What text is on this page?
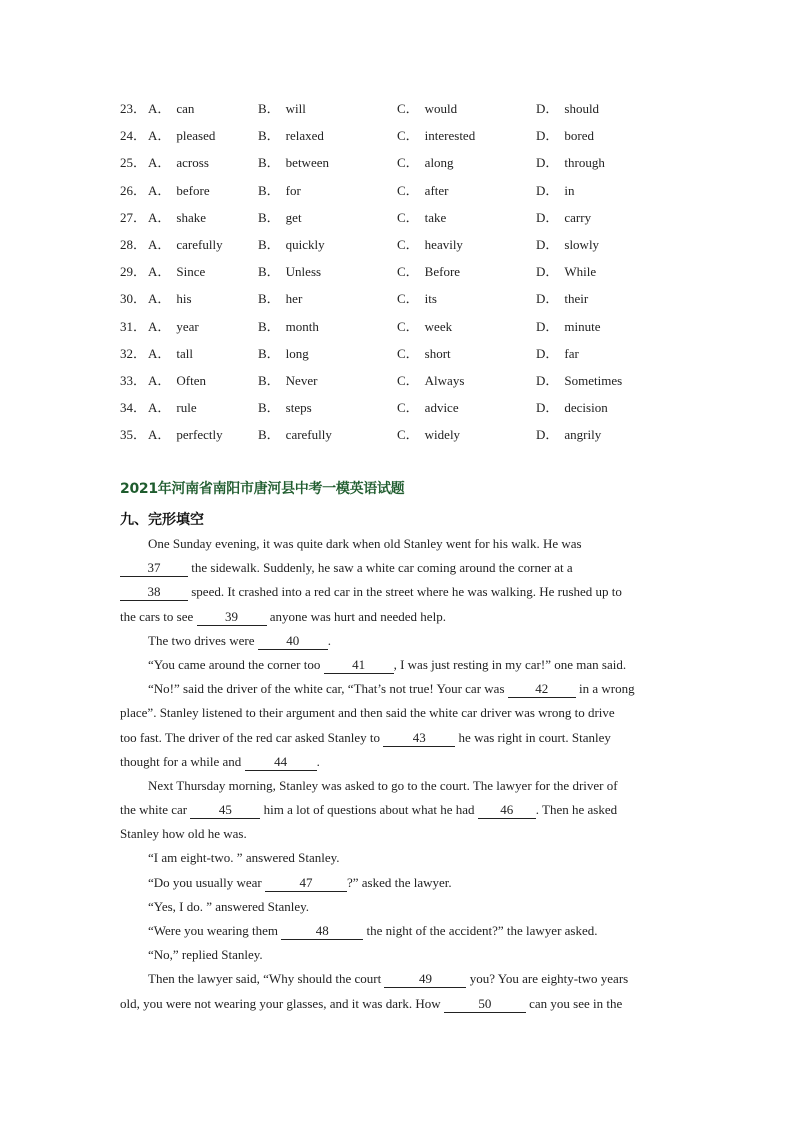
23． A． can	B． will	C． would	D． should
24． A． pleased	B． relaxed	C． interested	D． bored
25． A． across	B． between	C． along	D． through
26． A． before	B． for	C． after	D． in
27． A． shake	B． get	C． take	D． carry
28． A． carefully	B． quickly	C． heavily	D． slowly
29． A． Since	B． Unless	C． Before	D． While
30． A． his	B． her	C． its	D． their
31． A． year	B． month	C． week	D． minute
32． A． tall	B． long	C． short	D． far
33． A． Often	B． Never	C． Always	D． Sometimes
34． A． rule	B． steps	C． advice	D． decision
35． A． perfectly	B． carefully	C． widely	D． angrily
2021年河南省南阳市唐河县中考一模英语试题
九、完形填空
One Sunday evening, it was quite dark when old Stanley went for his walk. He was
37 the sidewalk. Suddenly, he saw a white car coming around the corner at a
38 speed. It crashed into a red car in the street where he was walking. He rushed up to
the cars to see 39 anyone was hurt and needed help.
The two drives were 40 .
“You came around the corner too 41 , I was just resting in my car!” one man said.
“No!” said the driver of the white car, “That’s not true! Your car was 42 in a wrong
place”. Stanley listened to their argument and then said the white car driver was wrong to drive
too fast. The driver of the red car asked Stanley to 43 he was right in court. Stanley
thought for a while and 44 .
Next Thursday morning, Stanley was asked to go to the court. The lawyer for the driver of
the white car 45 him a lot of questions about what he had 46 . Then he asked
Stanley how old he was.
“I am eight-two. ” answered Stanley.
“Do you usually wear	47	?” asked the lawyer.
“Yes, I do. ” answered Stanley.
“Were you wearing them	48	the night of the accident?” the lawyer asked.
“No,” replied Stanley.
Then the lawyer said, “Why should the court	49	you? You are eighty-two years
old, you were not wearing your glasses, and it was dark. How	50	can you see in the
